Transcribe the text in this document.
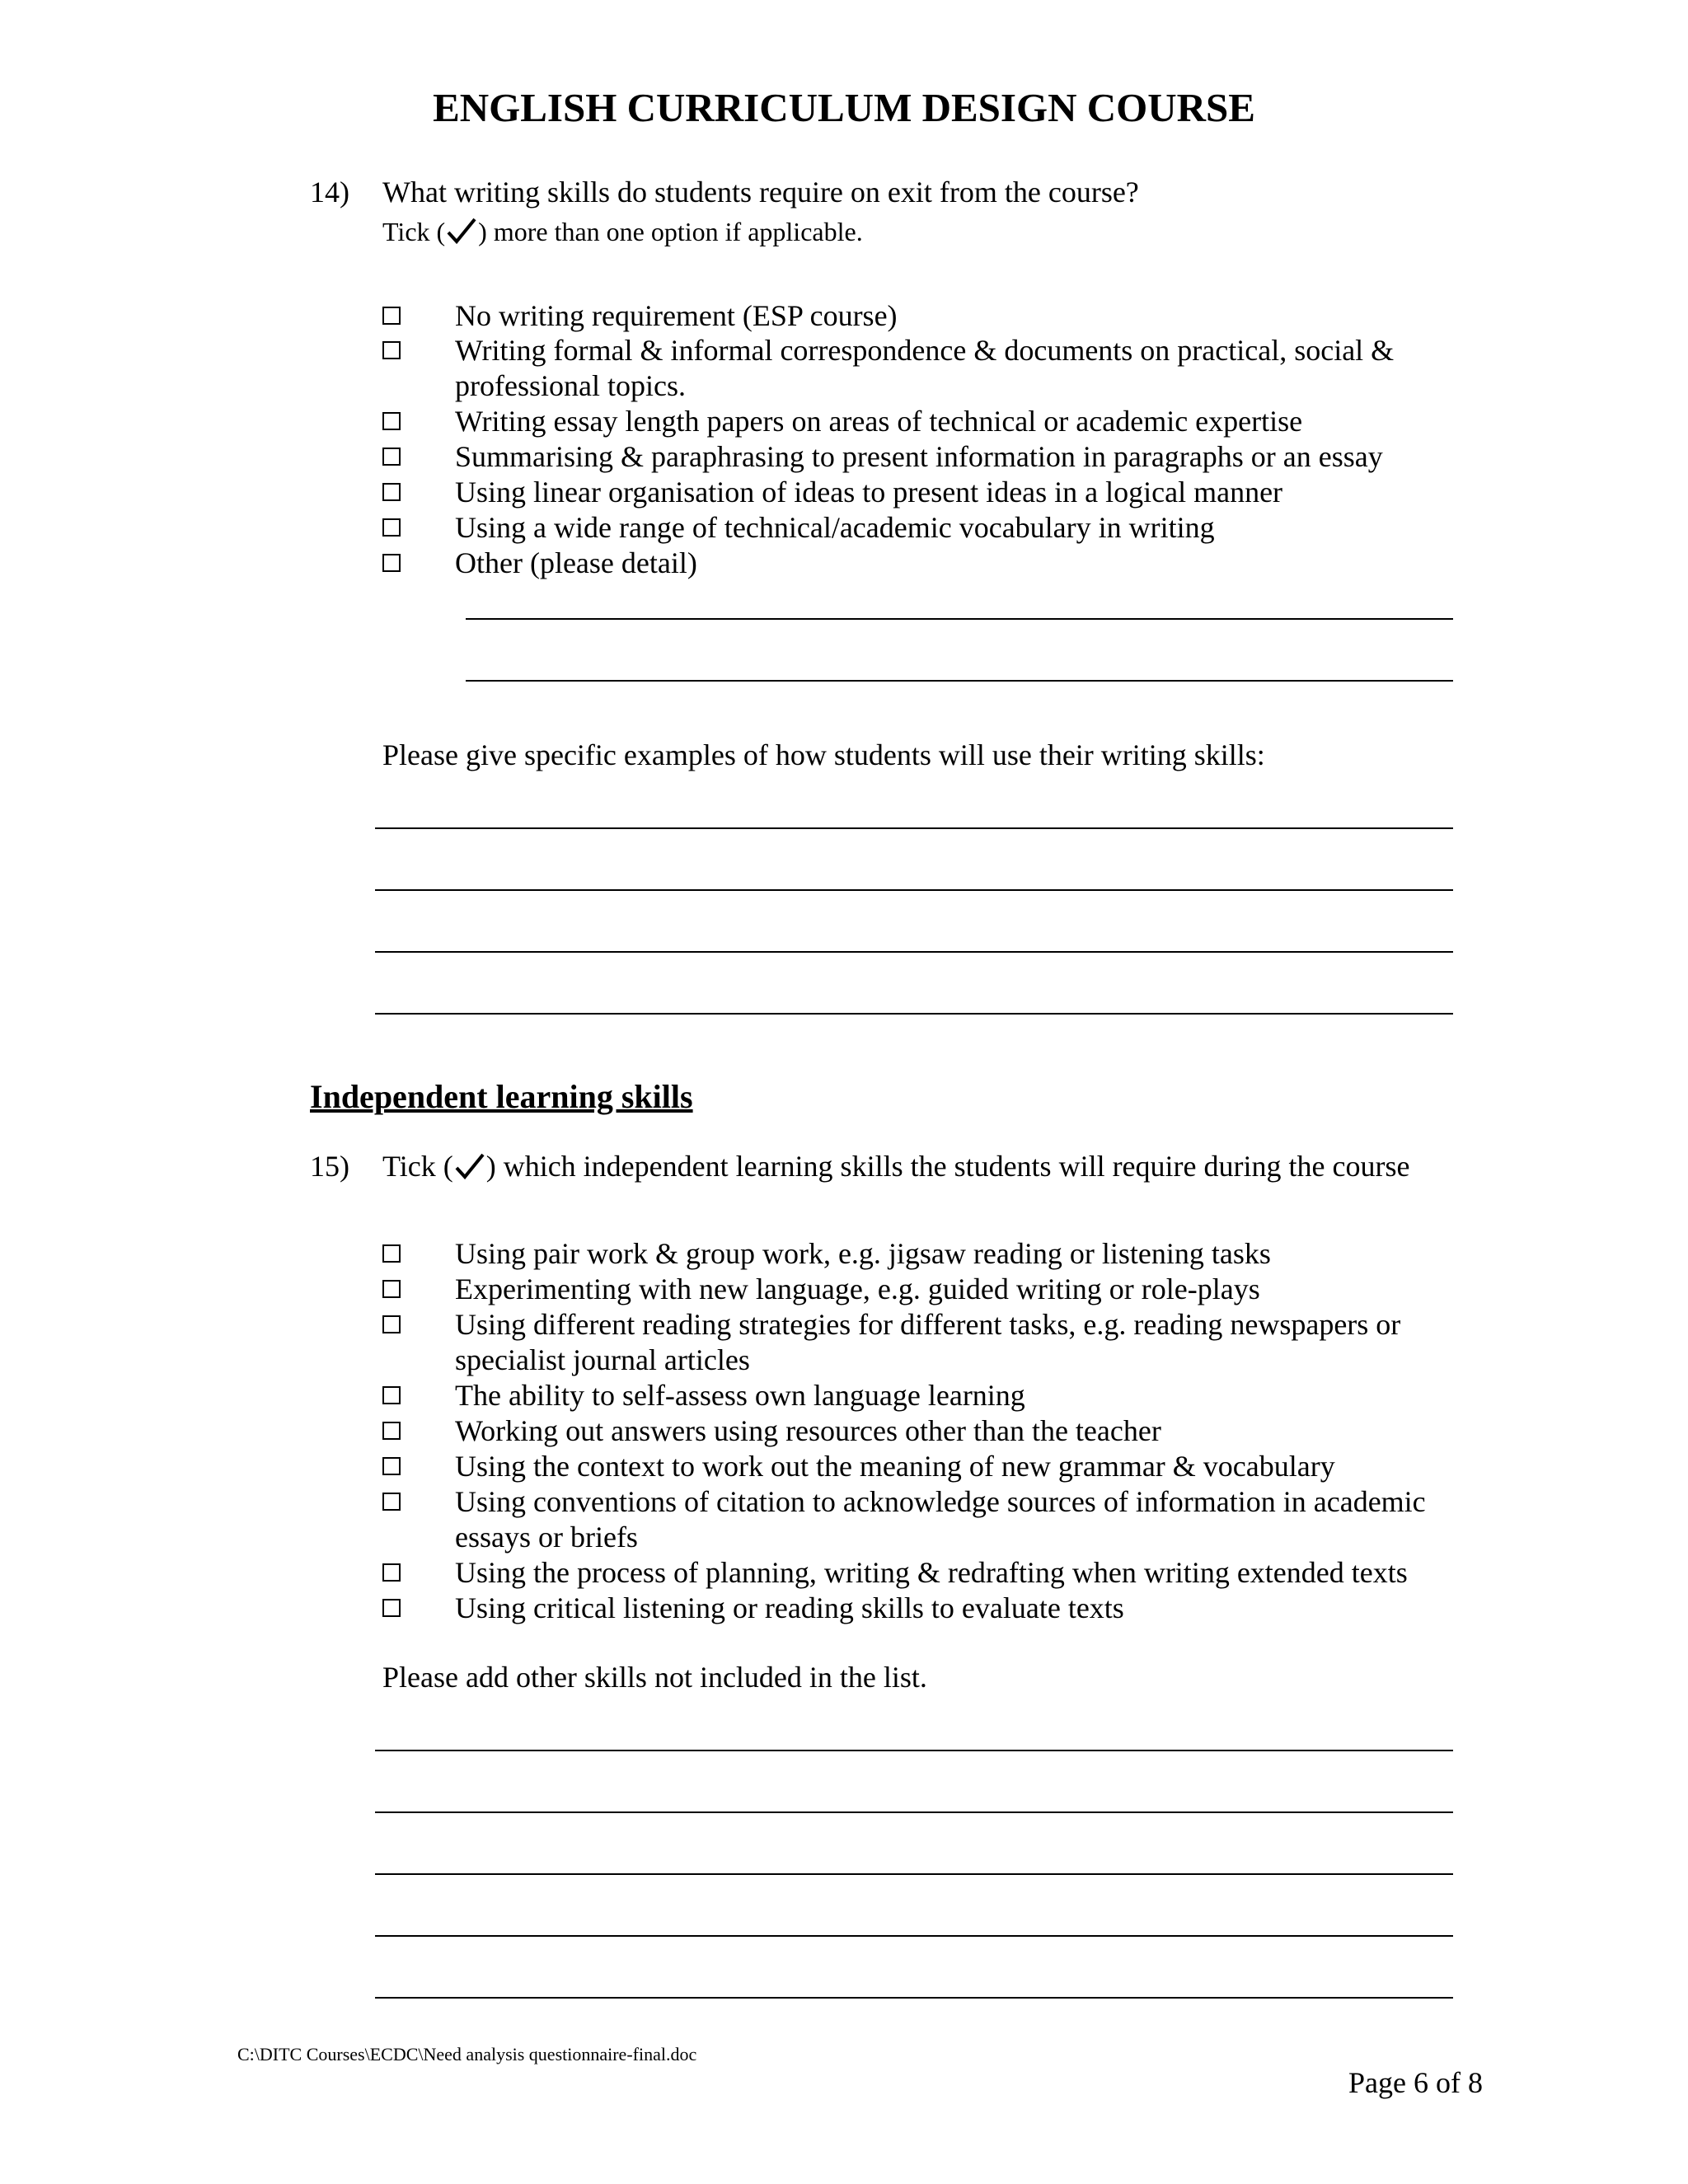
ENGLISH CURRICULUM DESIGN COURSE
14) What writing skills do students require on exit from the course?
Tick ( ) more than one option if applicable.
No writing requirement (ESP course)
Writing formal & informal correspondence & documents on practical, social & professional topics.
Writing essay length papers on areas of technical or academic expertise
Summarising & paraphrasing to present information in paragraphs or an essay
Using linear organisation of ideas to present ideas in a logical manner
Using a wide range of technical/academic vocabulary in writing
Other (please detail)
Please give specific examples of how students will use their writing skills:
Independent learning skills
15) Tick ( ) which independent learning skills the students will require during the course
Using pair work & group work, e.g. jigsaw reading or listening tasks
Experimenting with new language, e.g. guided writing or role-plays
Using different reading strategies for different tasks, e.g. reading newspapers or specialist journal articles
The ability to self-assess own language learning
Working out answers using resources other than the teacher
Using the context to work out the meaning of new grammar & vocabulary
Using conventions of citation to acknowledge sources of information in academic essays or briefs
Using the process of planning, writing & redrafting when writing extended texts
Using critical listening or reading skills to evaluate texts
Please add other skills not included in the list.
C:\DITC Courses\ECDC\Need analysis questionnaire-final.doc
Page 6 of 8
